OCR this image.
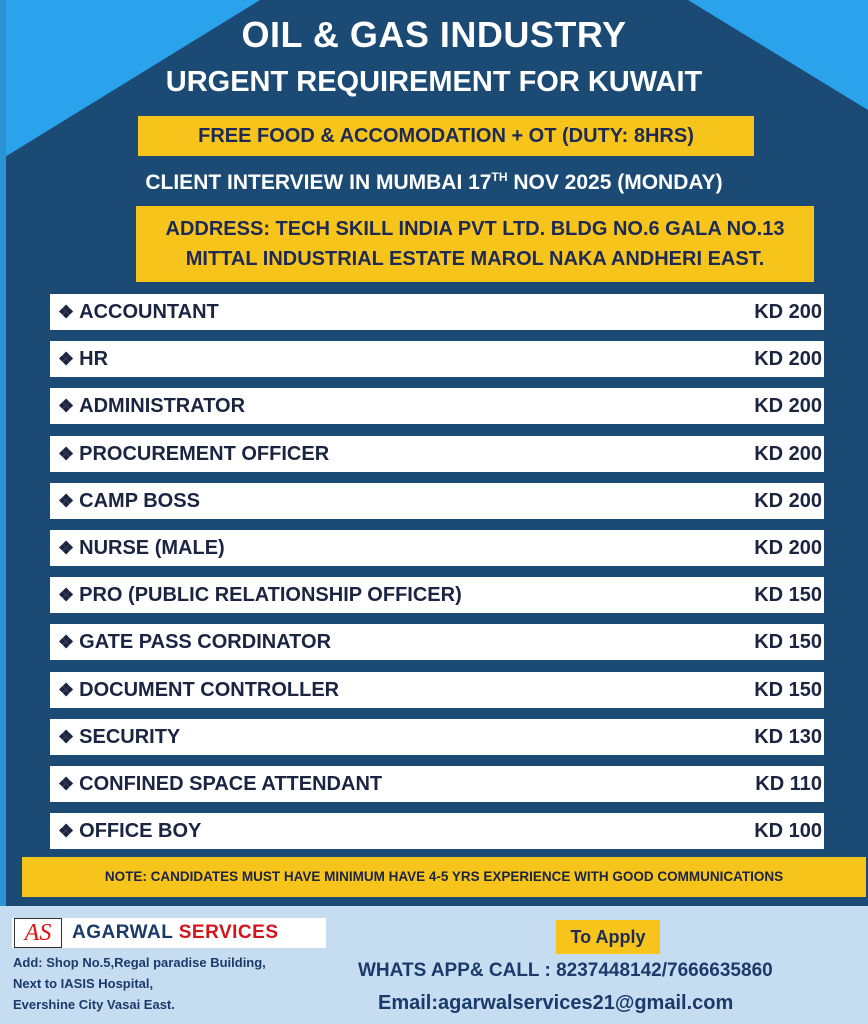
OIL & GAS INDUSTRY
URGENT REQUIREMENT FOR KUWAIT
FREE FOOD & ACCOMODATION + OT (DUTY: 8HRS)
CLIENT INTERVIEW IN MUMBAI 17TH NOV 2025 (MONDAY)
ADDRESS: TECH SKILL INDIA PVT LTD. BLDG NO.6 GALA NO.13
MITTAL INDUSTRIAL ESTATE MAROL NAKA ANDHERI EAST.
❖ ACCOUNTANT	KD 200
❖ HR	KD 200
❖ ADMINISTRATOR	KD 200
❖ PROCUREMENT OFFICER	KD 200
❖ CAMP BOSS	KD 200
❖ NURSE (MALE)	KD 200
❖ PRO (PUBLIC RELATIONSHIP OFFICER)	KD 150
❖ GATE PASS CORDINATOR	KD 150
❖ DOCUMENT CONTROLLER	KD 150
❖ SECURITY	KD 130
❖ CONFINED SPACE ATTENDANT	KD 110
❖ OFFICE BOY	KD 100
NOTE: CANDIDATES MUST HAVE MINIMUM HAVE 4-5 YRS EXPERIENCE WITH GOOD COMMUNICATIONS
AS	AGARWAL SERVICES
Add: Shop No.5,Regal paradise Building,
Next to IASIS Hospital,
Evershine City Vasai East.
To Apply
WHATS APP& CALL : 8237448142/7666635860
Email:agarwalservices21@gmail.com
